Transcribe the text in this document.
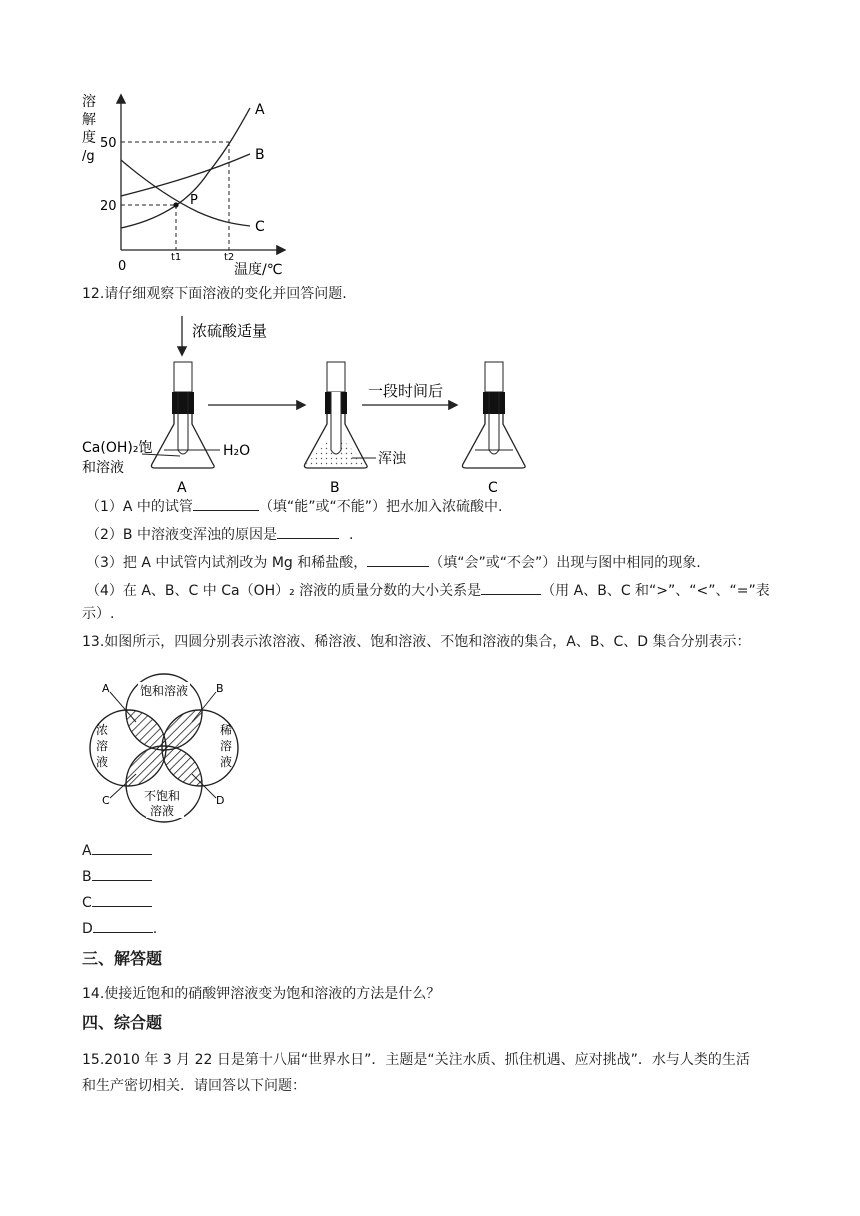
溶
解
度
/g
50
20
0
t1	t2
温度/℃
A
B
C
P
12.请仔细观察下面溶液的变化并回答问题.
浓硫酸适量
Ca(OH)₂饱
和溶液
H₂O
A
浑浊
B
一段时间后
C
（1）A 中的试管	（填“能”或“不能”）把水加入浓硫酸中.
（2）B 中溶液变浑浊的原因是	.
（3）把 A 中试管内试剂改为 Mg 和稀盐酸，	（填“会”或“不会”）出现与图中相同的现象.
（4）在 A、B、C 中 Ca（OH）₂ 溶液的质量分数的大小关系是	（用 A、B、C 和“>”、“<”、“=”表
示）.
13.如图所示，四圆分别表示浓溶液、稀溶液、饱和溶液、不饱和溶液的集合，A、B、C、D 集合分别表示：
饱和溶液
浓
溶
液
稀
溶
液
不饱和
溶液
A	B
C	D
A
B
C
D	.
三、解答题
14.使接近饱和的硝酸钾溶液变为饱和溶液的方法是什么？
四、综合题
15.2010 年 3 月 22 日是第十八届“世界水日”．主题是“关注水质、抓住机遇、应对挑战”．水与人类的生活
和生产密切相关．请回答以下问题：
